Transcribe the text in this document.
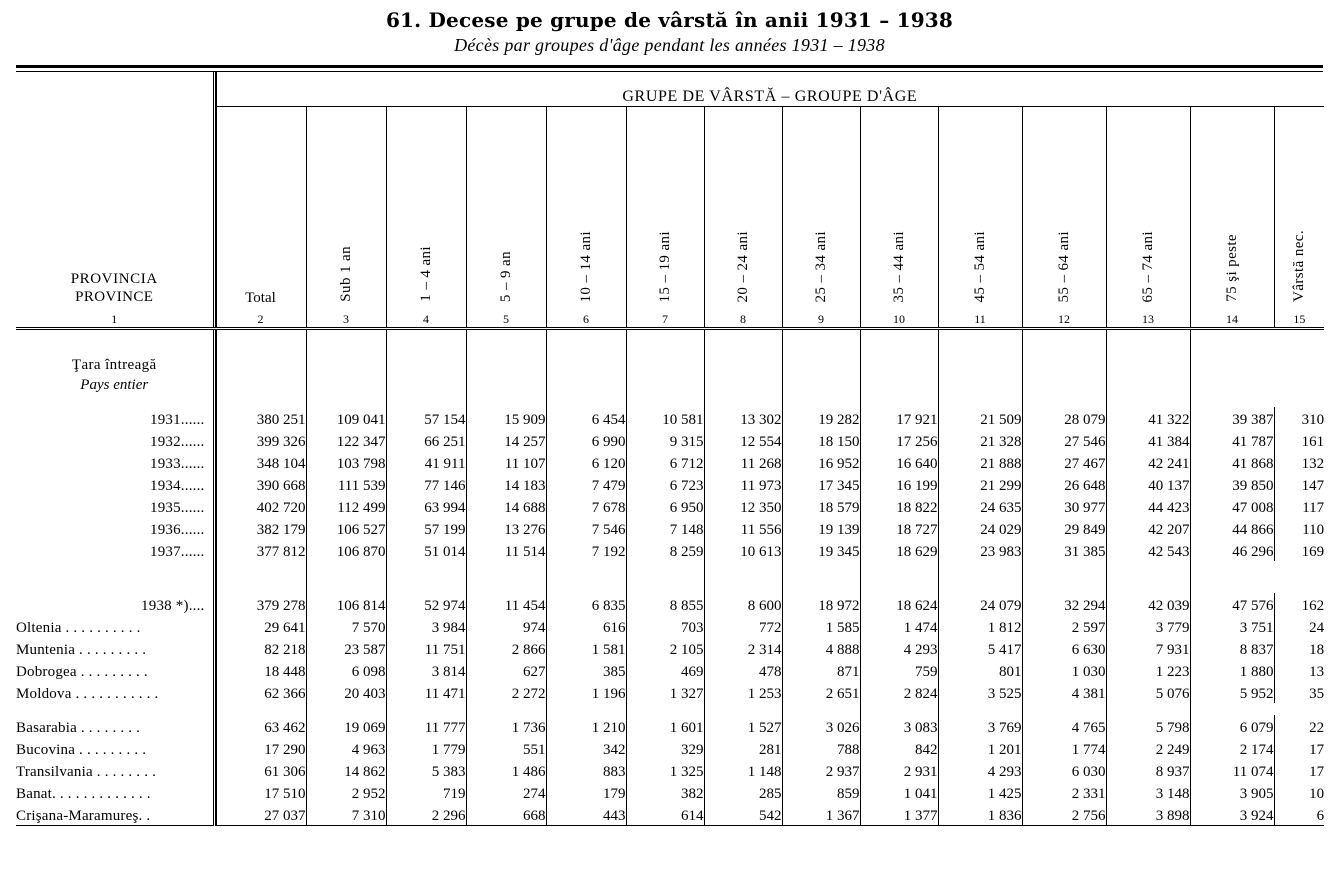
61. Decese pe grupe de vârstă în anii 1931 – 1938
Décès par groupes d'âge pendant les années 1931 – 1938
PROVINCIA
PROVINCE	GRUPE DE VÂRSTĂ – GROUPE D'ÂGE													
	Total	Sub 1 an	1 – 4 ani	5 – 9 an	10 – 14 ani	15 – 19 ani	20 – 24 ani	25 – 34 ani	35 – 44 ani	45 – 54 ani	55 – 64 ani	65 – 74 ani	75 şi peste	Vârstă nec.
1	2	3	4	5	6	7	8	9	10	11	12	13	14	15

Ţara întreagă
Pays entier														

1931......	380 251	109 041	57 154	15 909	6 454	10 581	13 302	19 282	17 921	21 509	28 079	41 322	39 387	310
1932......	399 326	122 347	66 251	14 257	6 990	9 315	12 554	18 150	17 256	21 328	27 546	41 384	41 787	161
1933......	348 104	103 798	41 911	11 107	6 120	6 712	11 268	16 952	16 640	21 888	27 467	42 241	41 868	132
1934......	390 668	111 539	77 146	14 183	7 479	6 723	11 973	17 345	16 199	21 299	26 648	40 137	39 850	147
1935......	402 720	112 499	63 994	14 688	7 678	6 950	12 350	18 579	18 822	24 635	30 977	44 423	47 008	117
1936......	382 179	106 527	57 199	13 276	7 546	7 148	11 556	19 139	18 727	24 029	29 849	42 207	44 866	110
1937......	377 812	106 870	51 014	11 514	7 192	8 259	10 613	19 345	18 629	23 983	31 385	42 543	46 296	169

1938 *)....	379 278	106 814	52 974	11 454	6 835	8 855	8 600	18 972	18 624	24 079	32 294	42 039	47 576	162
Oltenia . . . . . . . . . .	29 641	7 570	3 984	974	616	703	772	1 585	1 474	1 812	2 597	3 779	3 751	24
Muntenia . . . . . . . . .	82 218	23 587	11 751	2 866	1 581	2 105	2 314	4 888	4 293	5 417	6 630	7 931	8 837	18
Dobrogea . . . . . . . . .	18 448	6 098	3 814	627	385	469	478	871	759	801	1 030	1 223	1 880	13
Moldova . . . . . . . . . . .	62 366	20 403	11 471	2 272	1 196	1 327	1 253	2 651	2 824	3 525	4 381	5 076	5 952	35

Basarabia . . . . . . . .	63 462	19 069	11 777	1 736	1 210	1 601	1 527	3 026	3 083	3 769	4 765	5 798	6 079	22
Bucovina . . . . . . . . .	17 290	4 963	1 779	551	342	329	281	788	842	1 201	1 774	2 249	2 174	17
Transilvania . . . . . . . .	61 306	14 862	5 383	1 486	883	1 325	1 148	2 937	2 931	4 293	6 030	8 937	11 074	17
Banat. . . . . . . . . . . . .	17 510	2 952	719	274	179	382	285	859	1 041	1 425	2 331	3 148	3 905	10
Crişana-Maramureş. .	27 037	7 310	2 296	668	443	614	542	1 367	1 377	1 836	2 756	3 898	3 924	6
